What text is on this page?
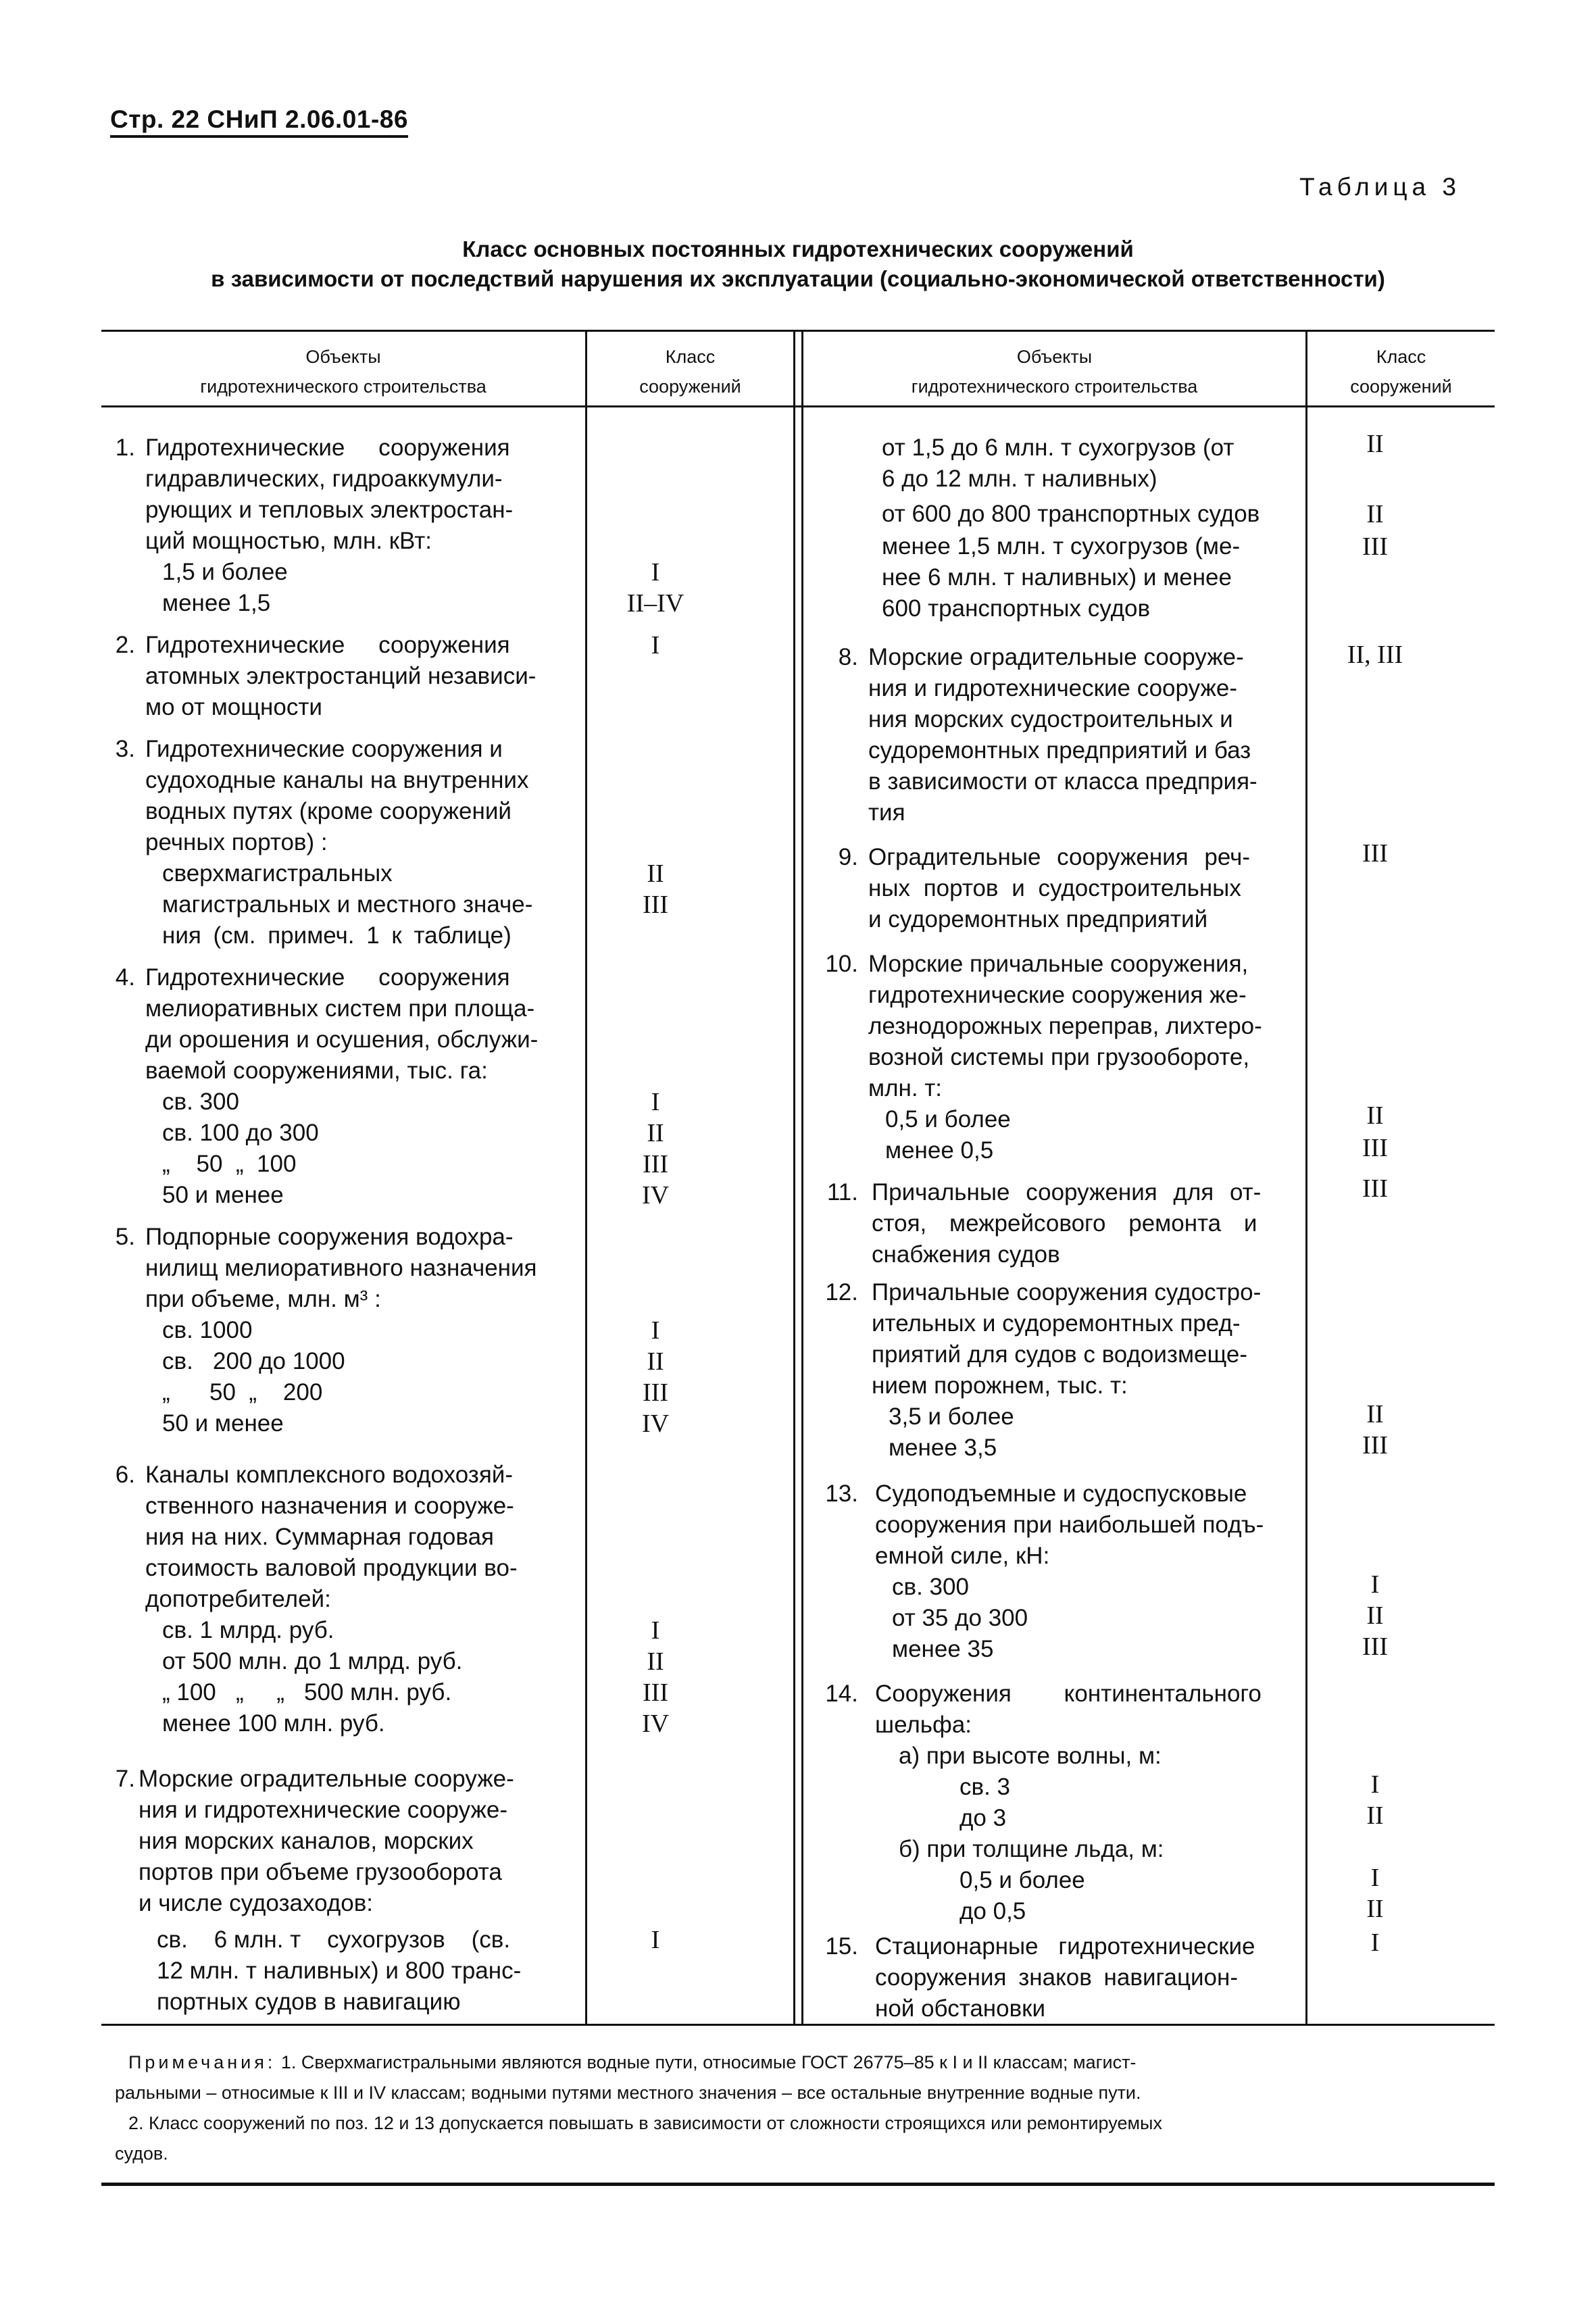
Стр. 22 СНиП 2.06.01-86
Таблица 3
Класс основных постоянных гидротехнических сооружений
в зависимости от последствий нарушения их эксплуатации (социально-экономической ответственности)
Объекты
гидротехнического строительства
Класс
сооружений
Объекты
гидротехнического строительства
Класс
сооружений
1. Гидротехнические сооружения
гидравлических, гидроаккумули-
рующих и тепловых электростан-
ций мощностью, млн. кВт:
1,5 и более	I
менее 1,5	II–IV
2. Гидротехнические сооружения	I
атомных электростанций независи-
мо от мощности
3. Гидротехнические сооружения и
судоходные каналы на внутренних
водных путях (кроме сооружений
речных портов) :
сверхмагистральных	II
магистральных и местного значе-	III
ния (см. примеч. 1 к таблице)
4. Гидротехнические сооружения
мелиоративных систем при площа-
ди орошения и осушения, обслужи-
ваемой сооружениями, тыс. га:
св. 300	I
св. 100 до 300	II
„    50  „  100	III
50 и менее	IV
5. Подпорные сооружения водохра-
нилищ мелиоративного назначения
при объеме, млн. м³ :
св. 1000	I
св.   200 до 1000	II
„      50  „    200	III
50 и менее	IV
6. Каналы комплексного водохозяй-
ственного назначения и сооруже-
ния на них. Суммарная годовая
стоимость валовой продукции во-
допотребителей:
св. 1 млрд. руб.	I
от 500 млн. до 1 млрд. руб.	II
„ 100   „     „   500 млн. руб.	III
менее 100 млн. руб.	IV
7. Морские оградительные сооруже-
ния и гидротехнические сооруже-
ния морских каналов, морских
портов при объеме грузооборота
и числе судозаходов:
св.    6 млн. т    сухогрузов    (св.	I
12 млн. т наливных) и 800 транс-
портных судов в навигацию
от 1,5 до 6 млн. т сухогрузов (от	II
6 до 12 млн. т наливных)
от 600 до 800 транспортных судов	II
менее 1,5 млн. т сухогрузов (ме-	III
нее 6 млн. т наливных) и менее
600 транспортных судов
8. Морские оградительные сооруже-	II, III
ния и гидротехнические сооруже-
ния морских судостроительных и
судоремонтных предприятий и баз
в зависимости от класса предприя-
тия
9. Оградительные сооружения реч-	III
ных портов и судостроительных
и судоремонтных предприятий
10. Морские причальные сооружения,
гидротехнические сооружения же-
лезнодорожных переправ, лихтеро-
возной системы при грузообороте,
млн. т:
0,5 и более	II
менее 0,5	III
11. Причальные сооружения для от-	III
стоя, межрейсового ремонта и
снабжения судов
12. Причальные сооружения судостро-
ительных и судоремонтных пред-
приятий для судов с водоизмеще-
нием порожнем, тыс. т:
3,5 и более	II
менее 3,5	III
13. Судоподъемные и судоспусковые
сооружения при наибольшей подъ-
емной силе, кН:
св. 300	I
от 35 до 300	II
менее 35	III
14. Сооружения        континентального
шельфа:
а) при высоте волны, м:
св. 3	I
до 3	II
б) при толщине льда, м:
0,5 и более	I
до 0,5	II
15. Стационарные гидротехнические	I
сооружения знаков навигацион-
ной обстановки
Примечания: 1. Сверхмагистральными являются водные пути, относимые ГОСТ 26775–85 к I и II классам; магист-
ральными – относимые к III и IV классам; водными путями местного значения – все остальные внутренние водные пути.
2. Класс сооружений по поз. 12 и 13 допускается повышать в зависимости от сложности строящихся или ремонтируемых
судов.
